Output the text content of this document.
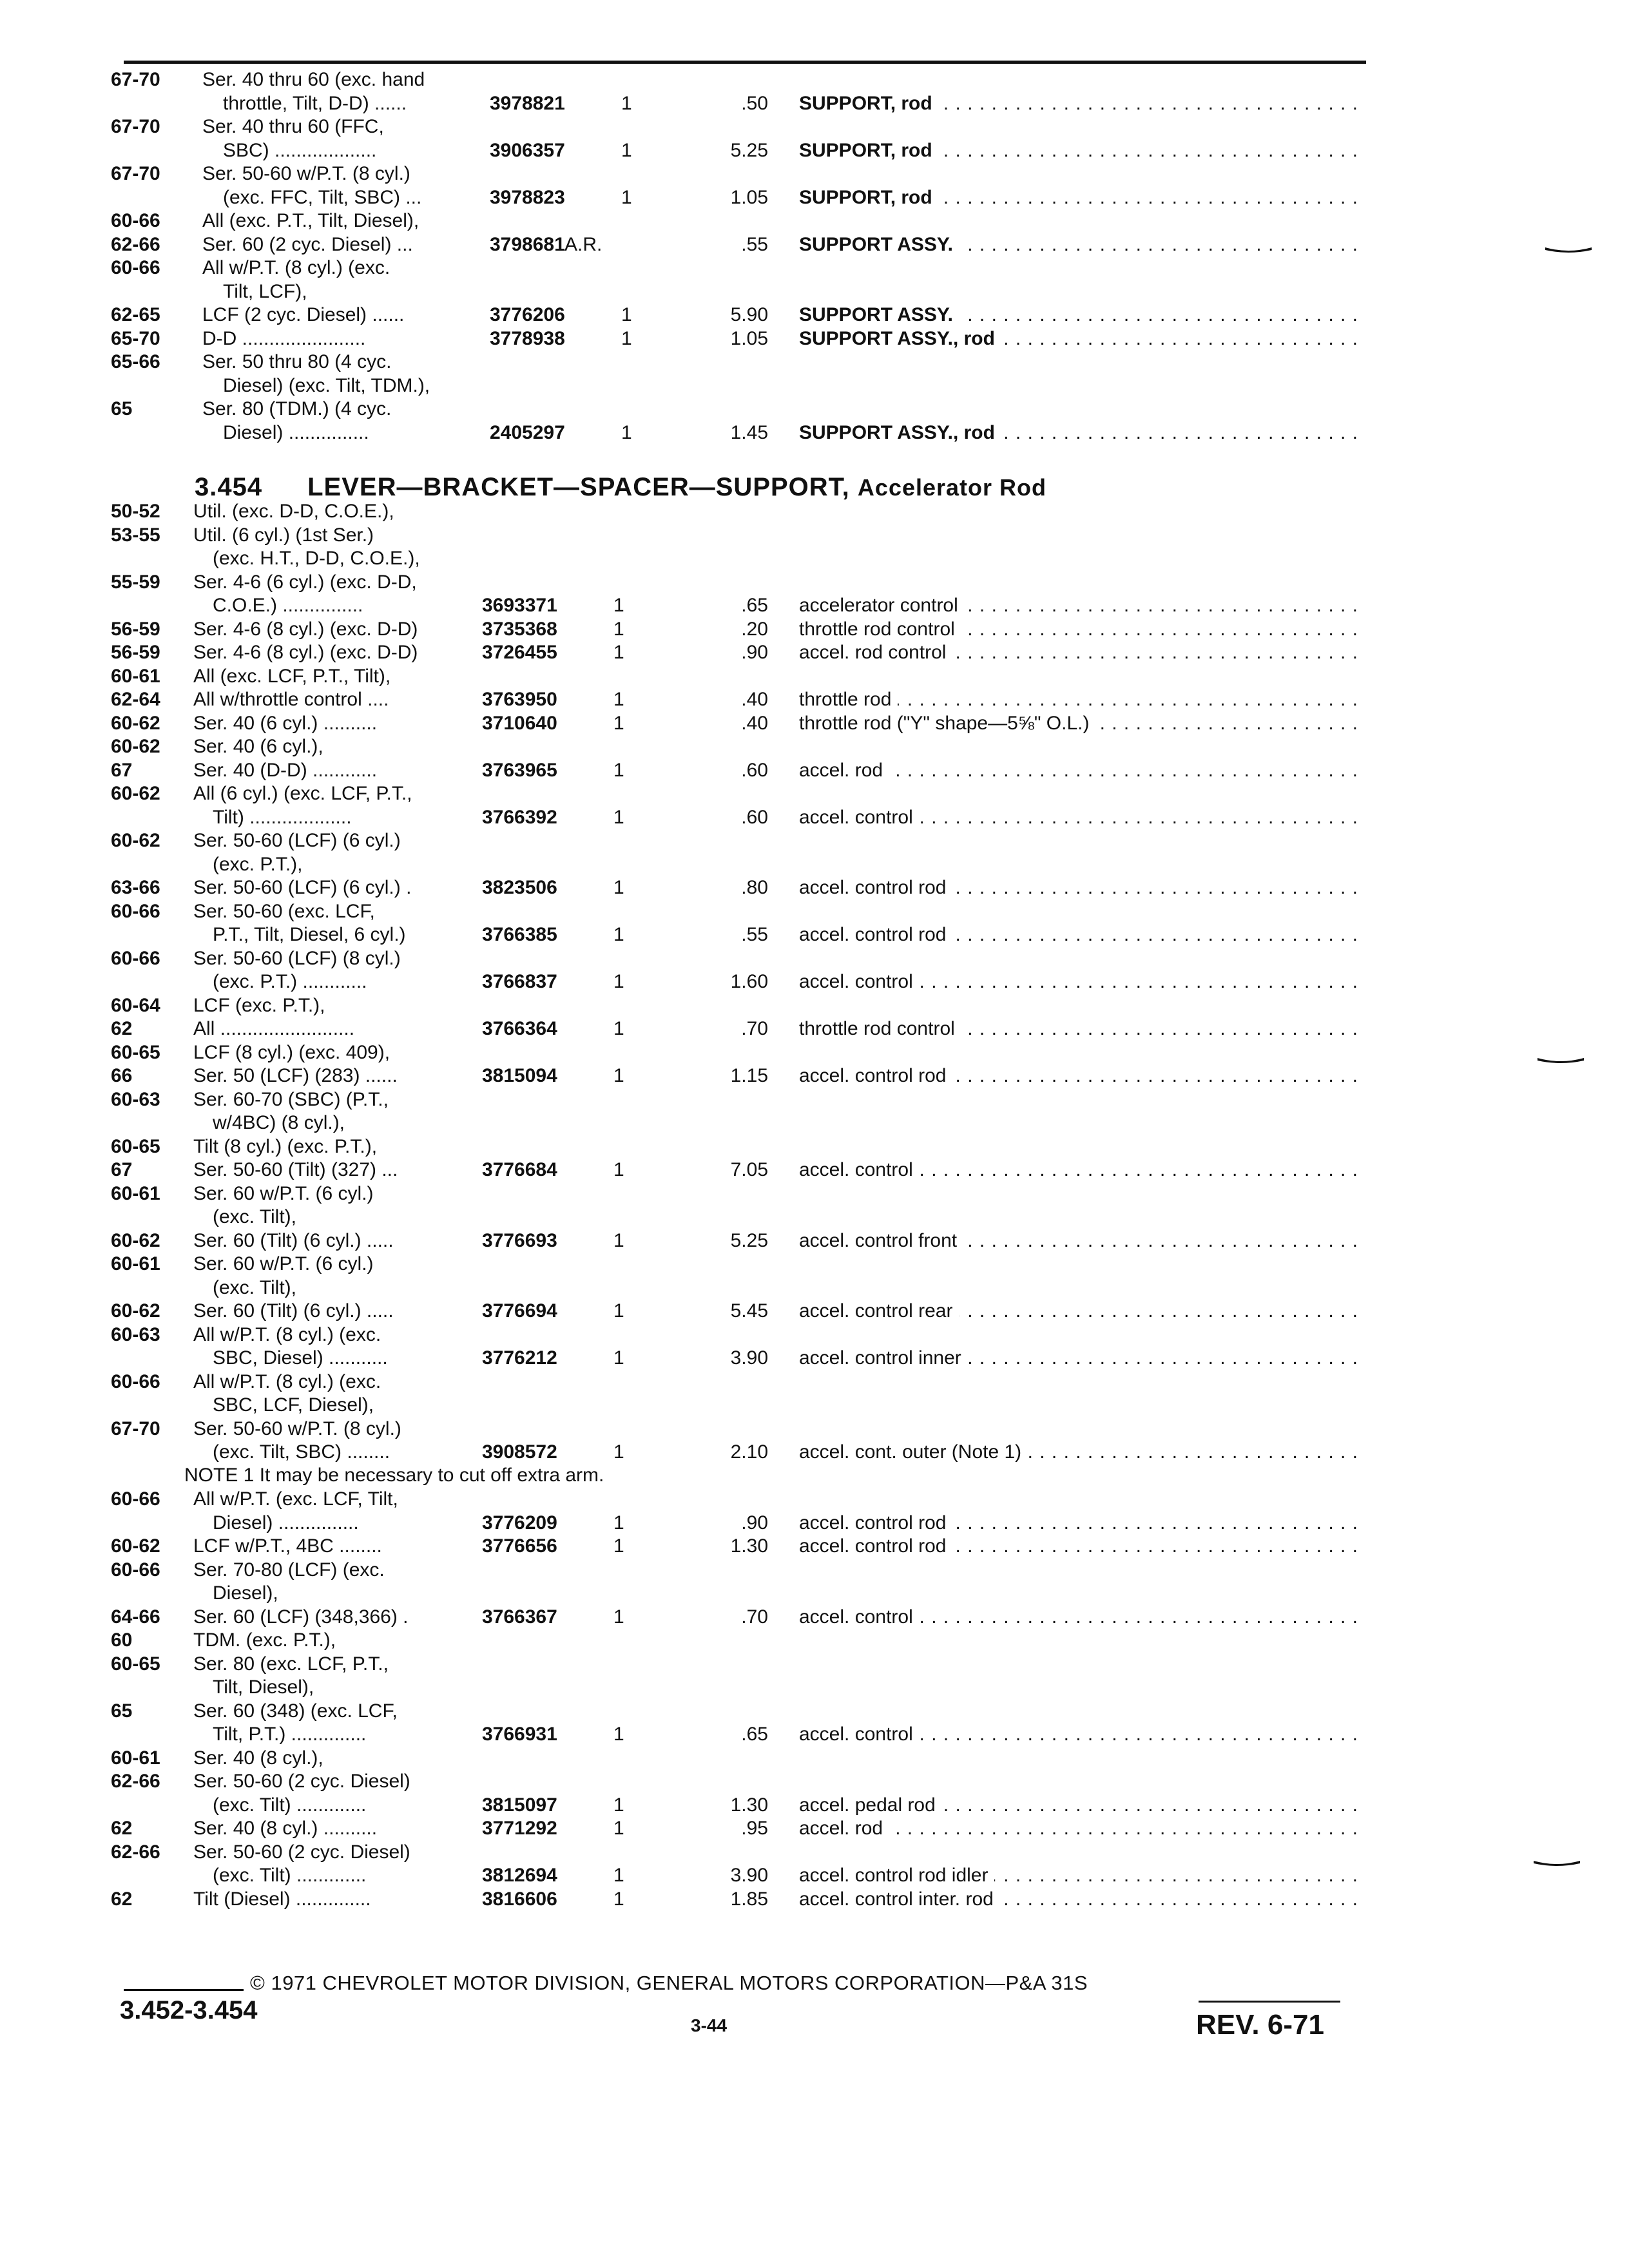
67-70	Ser. 40 thru 60 (exc. hand
throttle, Tilt, D-D) ......	3978821	1	.50 . . . SUPPORT, rod
67-70	Ser. 40 thru 60 (FFC,
SBC) ...................	3906357	1	5.25 . . . SUPPORT, rod
67-70	Ser. 50-60 w/P.T. (8 cyl.)
(exc. FFC, Tilt, SBC) ...	3978823	1	1.05 . . . SUPPORT, rod
60-66	All (exc. P.T., Tilt, Diesel),
62-66	Ser. 60 (2 cyc. Diesel) ...	3798681 A.R.	.55 . . . SUPPORT ASSY.
60-66	All w/P.T. (8 cyl.) (exc.
Tilt, LCF),
62-65	LCF (2 cyc. Diesel) ......	3776206	1	5.90 . . . SUPPORT ASSY.
65-70	D-D .......................	3778938	1	1.05 . . . SUPPORT ASSY., rod
65-66	Ser. 50 thru 80 (4 cyc.
Diesel) (exc. Tilt, TDM.),
65	Ser. 80 (TDM.) (4 cyc.
Diesel) ...............	2405297	1	1.45 . . . SUPPORT ASSY., rod
3.454 LEVER—BRACKET—SPACER—SUPPORT, Accelerator Rod
50-52	Util. (exc. D-D, C.O.E.),
53-55	Util. (6 cyl.) (1st Ser.)
(exc. H.T., D-D, C.O.E.),
55-59	Ser. 4-6 (6 cyl.) (exc. D-D,
C.O.E.) ...............	3693371	1	.65 . . . accelerator control
56-59	Ser. 4-6 (8 cyl.) (exc. D-D)	3735368	1	.20 . . . throttle rod control
56-59	Ser. 4-6 (8 cyl.) (exc. D-D)	3726455	1	.90 . . . accel. rod control
60-61	All (exc. LCF, P.T., Tilt),
62-64	All w/throttle control ....	3763950	1	.40 . . . throttle rod
60-62	Ser. 40 (6 cyl.) ..........	3710640	1	.40 . . . throttle rod ("Y" shape—5⅝" O.L.)
60-62	Ser. 40 (6 cyl.),
67	Ser. 40 (D-D) ............	3763965	1	.60 . . . accel. rod
60-62	All (6 cyl.) (exc. LCF, P.T.,
Tilt) ...................	3766392	1	.60 . . . accel. control
60-62	Ser. 50-60 (LCF) (6 cyl.)
(exc. P.T.),
63-66	Ser. 50-60 (LCF) (6 cyl.) .	3823506	1	.80 . . . accel. control rod
60-66	Ser. 50-60 (exc. LCF,
P.T., Tilt, Diesel, 6 cyl.)	3766385	1	.55 . . . accel. control rod
60-66	Ser. 50-60 (LCF) (8 cyl.)
(exc. P.T.) ............	3766837	1	1.60 . . . accel. control
60-64	LCF (exc. P.T.),
62	All .........................	3766364	1	.70 . . . throttle rod control
60-65	LCF (8 cyl.) (exc. 409),
66	Ser. 50 (LCF) (283) ......	3815094	1	1.15 . . . accel. control rod
60-63	Ser. 60-70 (SBC) (P.T.,
w/4BC) (8 cyl.),
60-65	Tilt (8 cyl.) (exc. P.T.),
67	Ser. 50-60 (Tilt) (327) ...	3776684	1	7.05 . . . accel. control
60-61	Ser. 60 w/P.T. (6 cyl.)
(exc. Tilt),
60-62	Ser. 60 (Tilt) (6 cyl.) .....	3776693	1	5.25 . . . accel. control front
60-61	Ser. 60 w/P.T. (6 cyl.)
(exc. Tilt),
60-62	Ser. 60 (Tilt) (6 cyl.) .....	3776694	1	5.45 . . . accel. control rear
60-63	All w/P.T. (8 cyl.) (exc.
SBC, Diesel) ...........	3776212	1	3.90 . . . accel. control inner
60-66	All w/P.T. (8 cyl.) (exc.
SBC, LCF, Diesel),
67-70	Ser. 50-60 w/P.T. (8 cyl.)
(exc. Tilt, SBC) ........	3908572	1	2.10 . . . accel. cont. outer (Note 1)
NOTE 1 It may be necessary to cut off extra arm.
60-66	All w/P.T. (exc. LCF, Tilt,
Diesel) ...............	3776209	1	.90 . . . accel. control rod
60-62	LCF w/P.T., 4BC ........	3776656	1	1.30 . . . accel. control rod
60-66	Ser. 70-80 (LCF) (exc.
Diesel),
64-66	Ser. 60 (LCF) (348,366) .	3766367	1	.70 . . . accel. control
60	TDM. (exc. P.T.),
60-65	Ser. 80 (exc. LCF, P.T.,
Tilt, Diesel),
65	Ser. 60 (348) (exc. LCF,
Tilt, P.T.) ..............	3766931	1	.65 . . . accel. control
60-61	Ser. 40 (8 cyl.),
62-66	Ser. 50-60 (2 cyc. Diesel)
(exc. Tilt) .............	3815097	1	1.30 . . . accel. pedal rod
62	Ser. 40 (8 cyl.) ..........	3771292	1	.95 . . . accel. rod
62-66	Ser. 50-60 (2 cyc. Diesel)
(exc. Tilt) .............	3812694	1	3.90 . . . accel. control rod idler
62	Tilt (Diesel) ..............	3816606	1	1.85 . . . accel. control inter. rod
© 1971 CHEVROLET MOTOR DIVISION, GENERAL MOTORS CORPORATION—P&A 31S
3.452-3.454
3-44	REV. 6-71
